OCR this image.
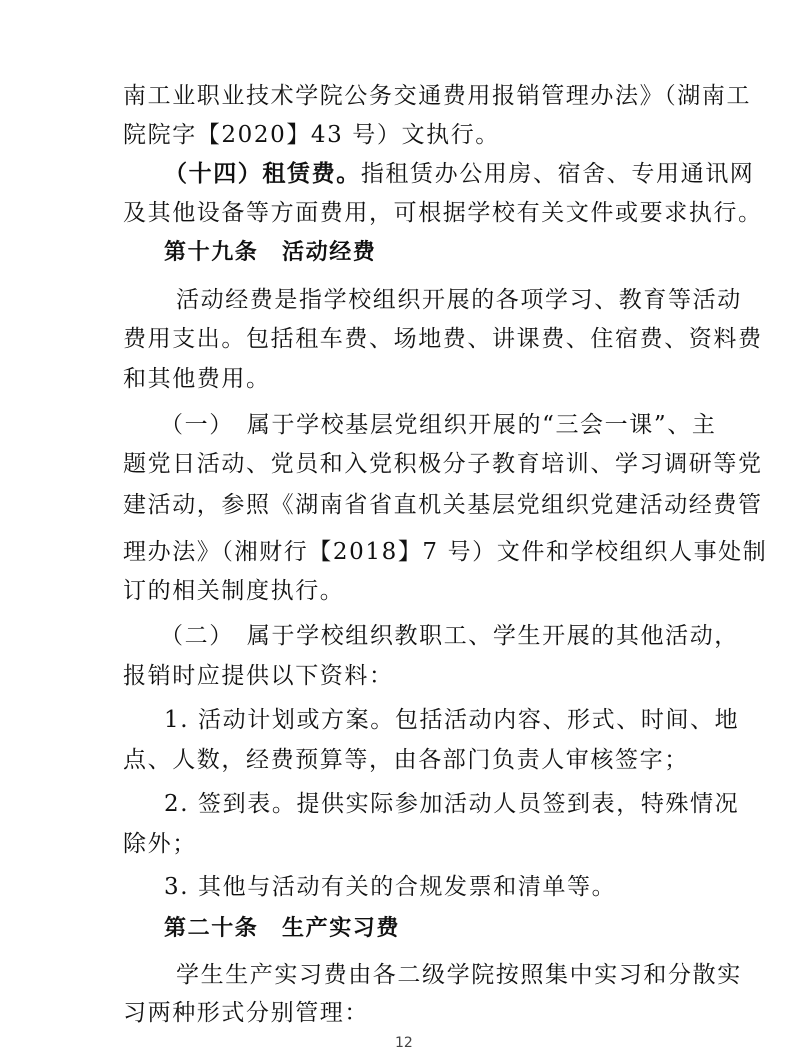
南工业职业技术学院公务交通费用报销管理办法》（湖南工
院院字【2020】43 号）文执行。
（十四）租赁费。指租赁办公用房、宿舍、专用通讯网
及其他设备等方面费用，可根据学校有关文件或要求执行。
第十九条　活动经费
活动经费是指学校组织开展的各项学习、教育等活动
费用支出。包括租车费、场地费、讲课费、住宿费、资料费
和其他费用。
（一）　属于学校基层党组织开展的“三会一课”、主
题党日活动、党员和入党积极分子教育培训、学习调研等党
建活动，参照《湖南省省直机关基层党组织党建活动经费管
理办法》（湘财行【2018】7 号）文件和学校组织人事处制
订的相关制度执行。
（二）　属于学校组织教职工、学生开展的其他活动，
报销时应提供以下资料：
1. 活动计划或方案。包括活动内容、形式、时间、地
点、人数，经费预算等，由各部门负责人审核签字；
2. 签到表。提供实际参加活动人员签到表，特殊情况
除外；
3. 其他与活动有关的合规发票和清单等。
第二十条　生产实习费
学生生产实习费由各二级学院按照集中实习和分散实
习两种形式分别管理：
12
